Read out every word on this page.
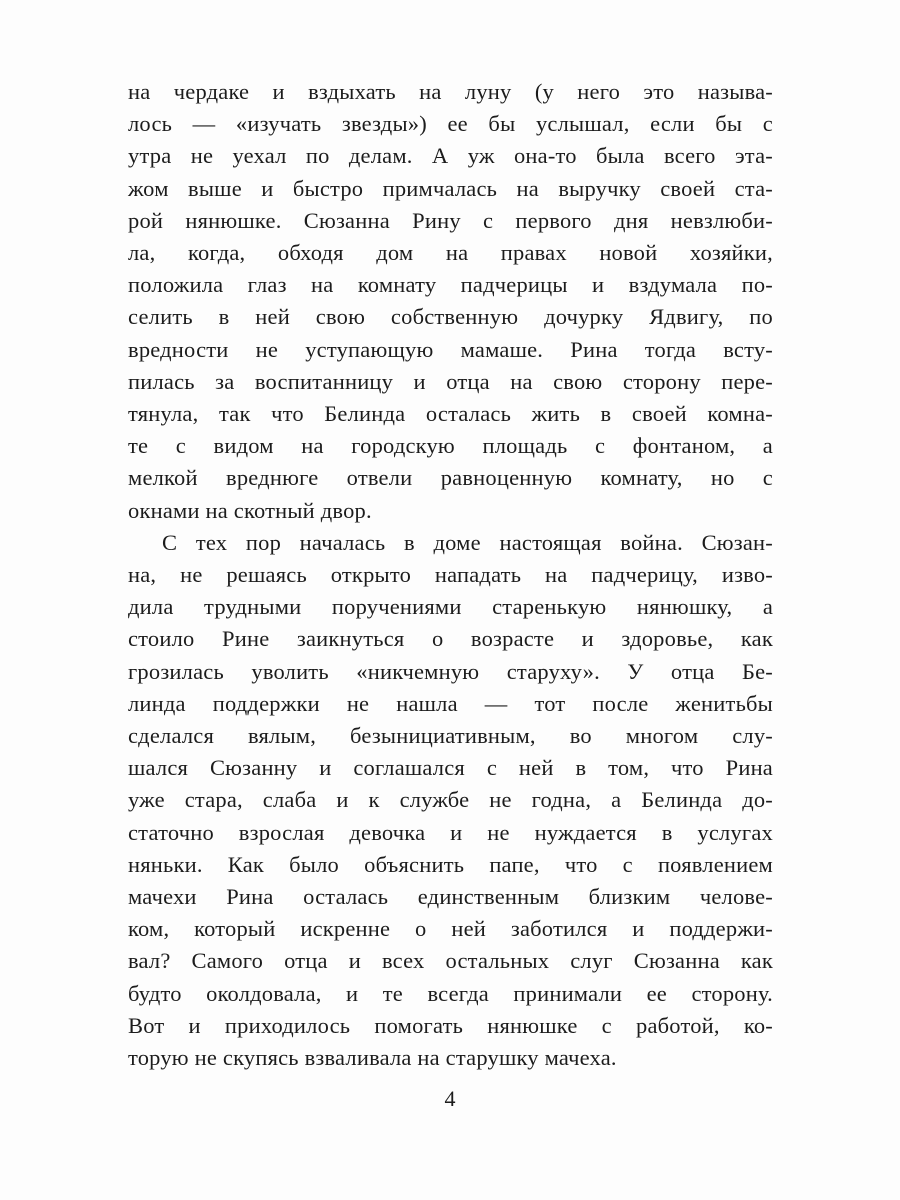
на чердаке и вздыхать на луну (у него это называ-
лось — «изучать звезды») ее бы услышал, если бы с
утра не уехал по делам. А уж она-то была всего эта-
жом выше и быстро примчалась на выручку своей ста-
рой нянюшке. Сюзанна Рину с первого дня невзлюби-
ла, когда, обходя дом на правах новой хозяйки,
положила глаз на комнату падчерицы и вздумала по-
селить в ней свою собственную дочурку Ядвигу, по
вредности не уступающую мамаше. Рина тогда всту-
пилась за воспитанницу и отца на свою сторону пере-
тянула, так что Белинда осталась жить в своей комна-
те с видом на городскую площадь с фонтаном, а
мелкой вреднюге отвели равноценную комнату, но с
окнами на скотный двор.
С тех пор началась в доме настоящая война. Сюзан-
на, не решаясь открыто нападать на падчерицу, изво-
дила трудными поручениями старенькую нянюшку, а
стоило Рине заикнуться о возрасте и здоровье, как
грозилась уволить «никчемную старуху». У отца Бе-
линда поддержки не нашла — тот после женитьбы
сделался вялым, безынициативным, во многом слу-
шался Сюзанну и соглашался с ней в том, что Рина
уже стара, слаба и к службе не годна, а Белинда до-
статочно взрослая девочка и не нуждается в услугах
няньки. Как было объяснить папе, что с появлением
мачехи Рина осталась единственным близким челове-
ком, который искренне о ней заботился и поддержи-
вал? Самого отца и всех остальных слуг Сюзанна как
будто околдовала, и те всегда принимали ее сторону.
Вот и приходилось помогать нянюшке с работой, ко-
торую не скупясь взваливала на старушку мачеха.
4
